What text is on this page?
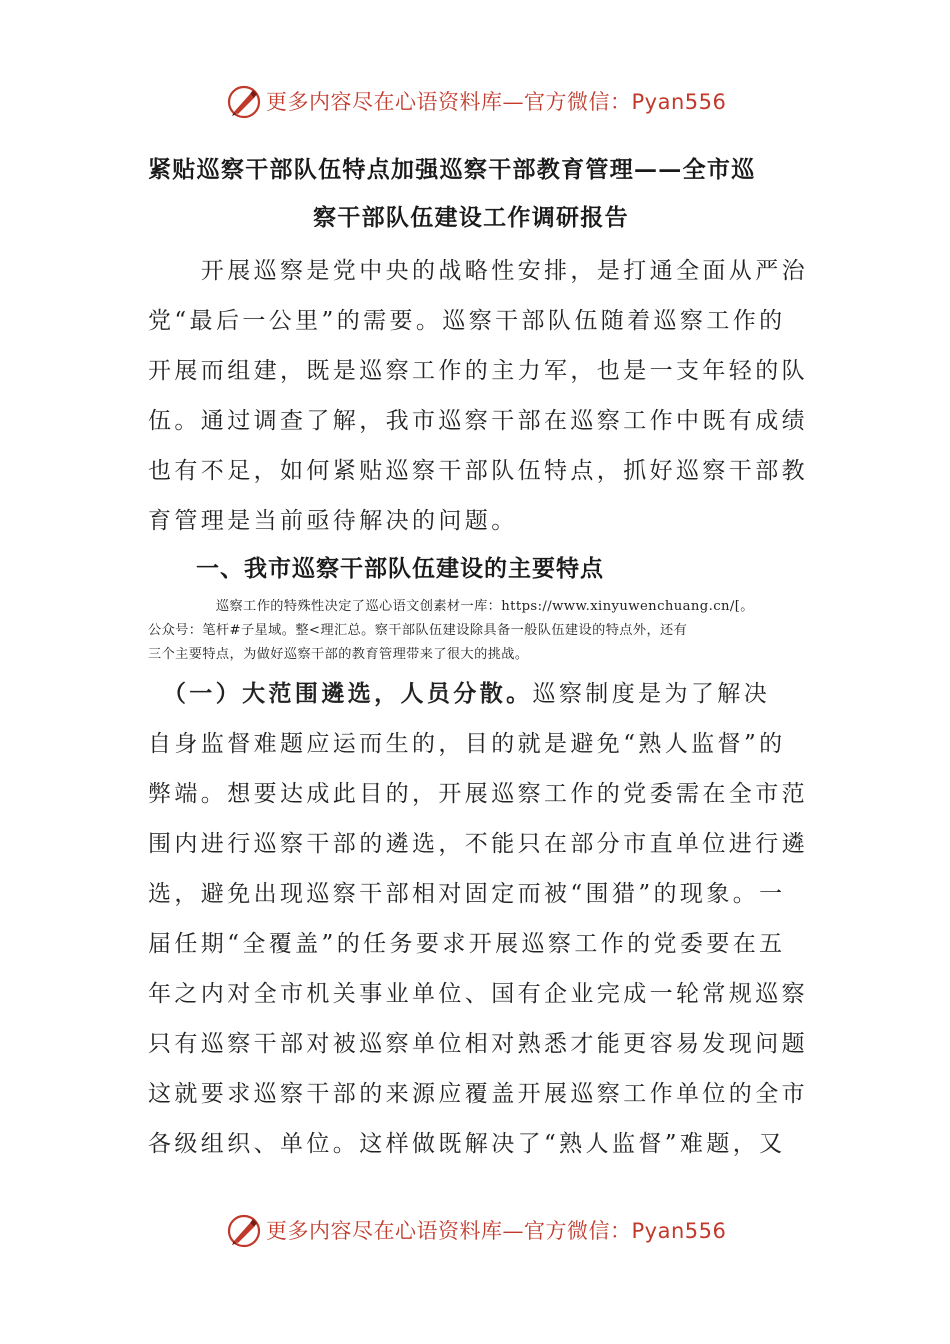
更多内容尽在心语资料库—官方微信：Pyan556
紧贴巡察干部队伍特点加强巡察干部教育管理——全市巡
察干部队伍建设工作调研报告
　　开展巡察是党中央的战略性安排，是打通全面从严治
党“最后一公里”的需要。巡察干部队伍随着巡察工作的
开展而组建，既是巡察工作的主力军，也是一支年轻的队
伍。通过调查了解，我市巡察干部在巡察工作中既有成绩
也有不足，如何紧贴巡察干部队伍特点，抓好巡察干部教
育管理是当前亟待解决的问题。
一、我市巡察干部队伍建设的主要特点
　　　　　巡察工作的特殊性决定了巡心语文创素材一库：https://www.xinyuwenchuang.cn/[。
公众号：笔杆#子星域。整<理汇总。察干部队伍建设除具备一般队伍建设的特点外，还有
三个主要特点，为做好巡察干部的教育管理带来了很大的挑战。
　（一）大范围遴选，人员分散。巡察制度是为了解决
自身监督难题应运而生的，目的就是避免“熟人监督”的
弊端。想要达成此目的，开展巡察工作的党委需在全市范
围内进行巡察干部的遴选，不能只在部分市直单位进行遴
选，避免出现巡察干部相对固定而被“围猎”的现象。一
届任期“全覆盖”的任务要求开展巡察工作的党委要在五
年之内对全市机关事业单位、国有企业完成一轮常规巡察
只有巡察干部对被巡察单位相对熟悉才能更容易发现问题
这就要求巡察干部的来源应覆盖开展巡察工作单位的全市
各级组织、单位。这样做既解决了“熟人监督”难题，又
更多内容尽在心语资料库—官方微信：Pyan556
